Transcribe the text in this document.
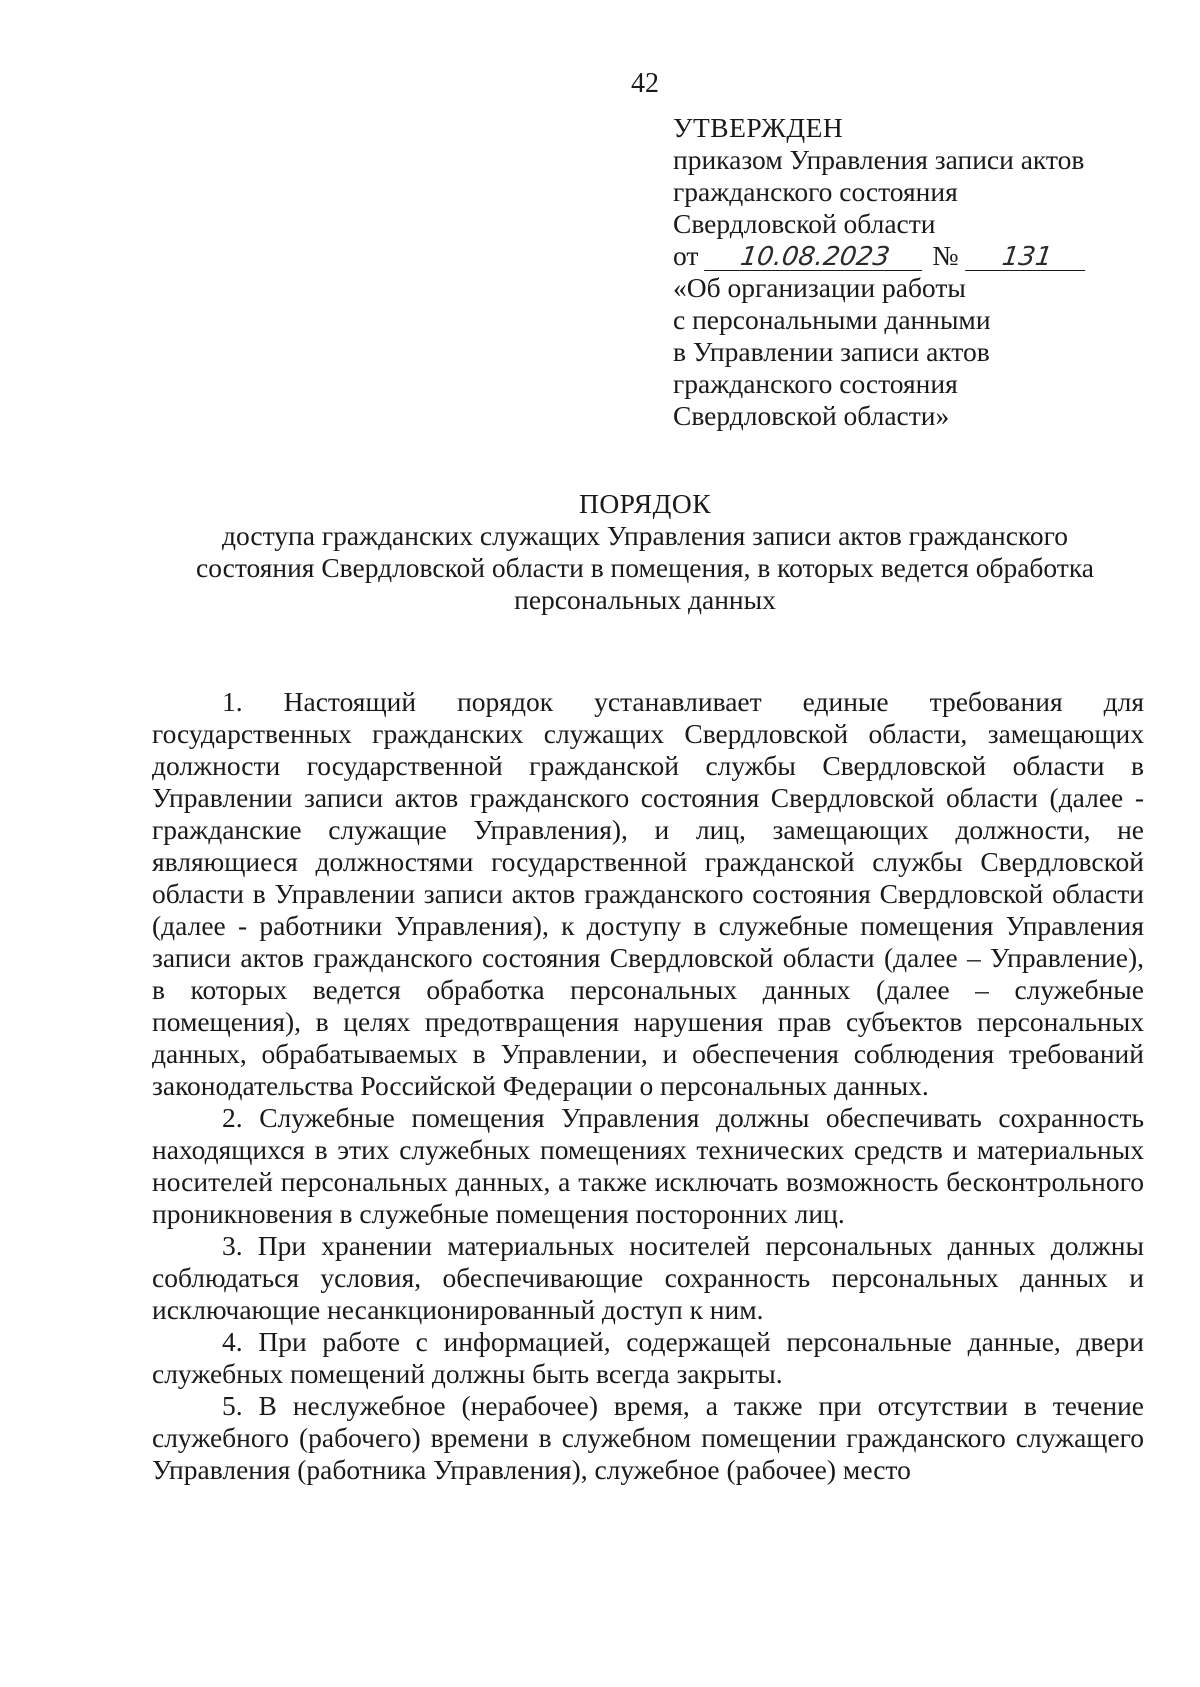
42
УТВЕРЖДЕН
приказом Управления записи актов
гражданского состояния
Свердловской области
от 10.08.2023 № 131
«Об организации работы
с персональными данными
в Управлении записи актов
гражданского состояния
Свердловской области»
ПОРЯДОК
доступа гражданских служащих Управления записи актов гражданского
состояния Свердловской области в помещения, в которых ведется обработка
персональных данных

1. Настоящий порядок устанавливает единые требования для государственных гражданских служащих Свердловской области, замещающих должности государственной гражданской службы Свердловской области в Управлении записи актов гражданского состояния Свердловской области (далее - гражданские служащие Управления), и лиц, замещающих должности, не являющиеся должностями государственной гражданской службы Свердловской области в Управлении записи актов гражданского состояния Свердловской области (далее - работники Управления), к доступу в служебные помещения Управления записи актов гражданского состояния Свердловской области (далее – Управление), в которых ведется обработка персональных данных (далее – служебные помещения), в целях предотвращения нарушения прав субъектов персональных данных, обрабатываемых в Управлении, и обеспечения соблюдения требований законодательства Российской Федерации о персональных данных.

2. Служебные помещения Управления должны обеспечивать сохранность находящихся в этих служебных помещениях технических средств и материальных носителей персональных данных, а также исключать возможность бесконтрольного проникновения в служебные помещения посторонних лиц.

3. При хранении материальных носителей персональных данных должны соблюдаться условия, обеспечивающие сохранность персональных данных и исключающие несанкционированный доступ к ним.

4. При работе с информацией, содержащей персональные данные, двери служебных помещений должны быть всегда закрыты.

5. В неслужебное (нерабочее) время, а также при отсутствии в течение служебного (рабочего) времени в служебном помещении гражданского служащего Управления (работника Управления), служебное (рабочее) место
